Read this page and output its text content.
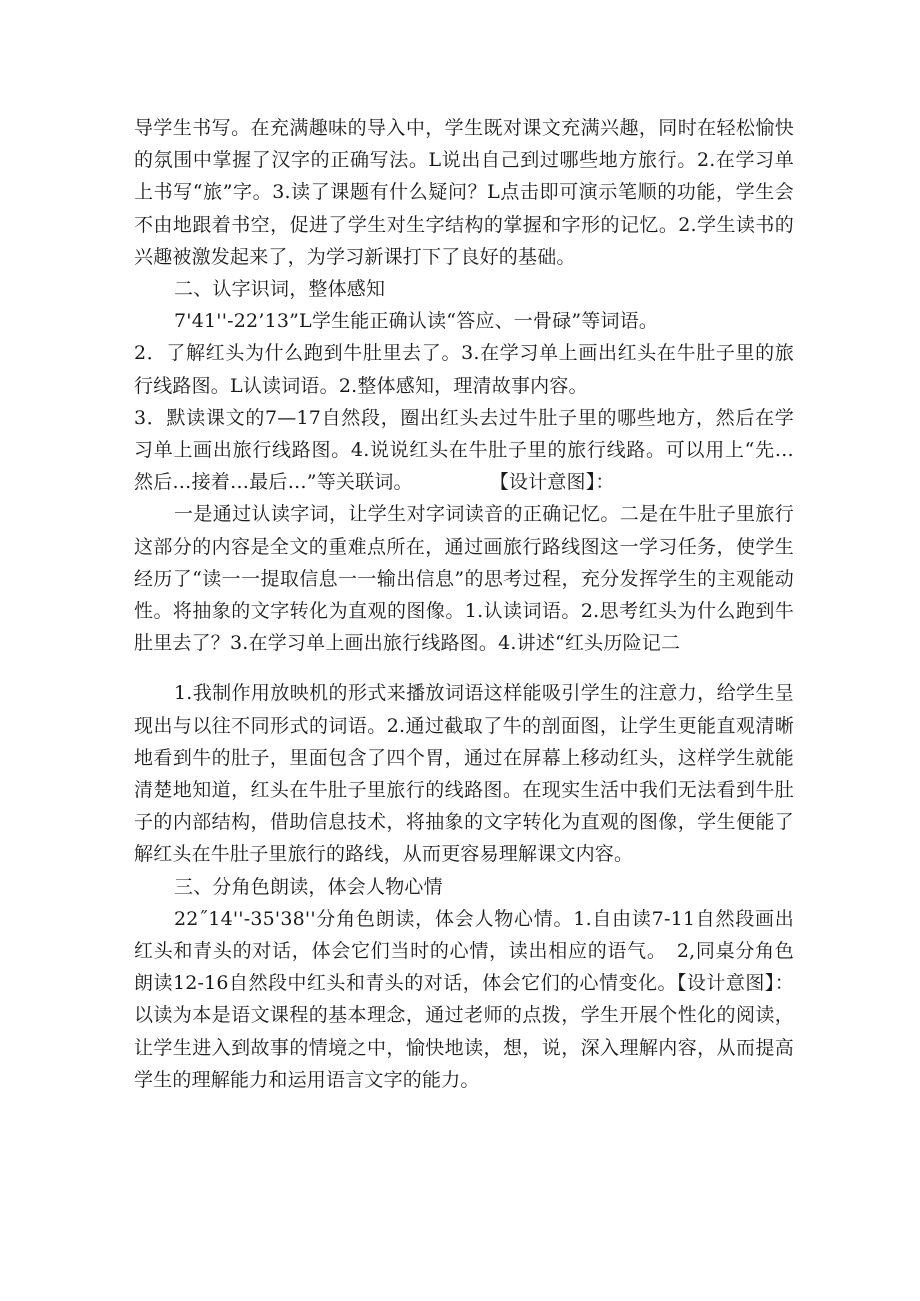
导学生书写。在充满趣味的导入中，学生既对课文充满兴趣，同时在轻松愉快的氛围中掌握了汉字的正确写法。L说出自己到过哪些地方旅行。2.在学习单上书写“旅”字。3.读了课题有什么疑问？L点击即可演示笔顺的功能，学生会不由地跟着书空，促进了学生对生字结构的掌握和字形的记忆。2.学生读书的兴趣被激发起来了，为学习新课打下了良好的基础。

二、认字识词，整体感知

7'41''-22’13”L学生能正确认读“答应、一骨碌”等词语。

2．了解红头为什么跑到牛肚里去了。3.在学习单上画出红头在牛肚子里的旅行线路图。L认读词语。2.整体感知，理清故事内容。

3．默读课文的7—17自然段，圈出红头去过牛肚子里的哪些地方，然后在学习单上画出旅行线路图。4.说说红头在牛肚子里的旅行线路。可以用上“先…然后…接着…最后…”等关联词。　　　　　【设计意图】：

一是通过认读字词，让学生对字词读音的正确记忆。二是在牛肚子里旅行这部分的内容是全文的重难点所在，通过画旅行路线图这一学习任务，使学生经历了“读一一提取信息一一输出信息”的思考过程，充分发挥学生的主观能动性。将抽象的文字转化为直观的图像。1.认读词语。2.思考红头为什么跑到牛肚里去了？3.在学习单上画出旅行线路图。4.讲述“红头历险记二

1.我制作用放映机的形式来播放词语这样能吸引学生的注意力，给学生呈现出与以往不同形式的词语。2.通过截取了牛的剖面图，让学生更能直观清晰地看到牛的肚子，里面包含了四个胃，通过在屏幕上移动红头，这样学生就能清楚地知道，红头在牛肚子里旅行的线路图。在现实生活中我们无法看到牛肚子的内部结构，借助信息技术，将抽象的文字转化为直观的图像，学生便能了解红头在牛肚子里旅行的路线，从而更容易理解课文内容。

三、分角色朗读，体会人物心情

22˝14''-35'38''分角色朗读，体会人物心情。1.自由读7-11自然段画出红头和青头的对话，体会它们当时的心情，读出相应的语气。　2,同桌分角色朗读12-16自然段中红头和青头的对话，体会它们的心情变化。【设计意图】：以读为本是语文课程的基本理念，通过老师的点拨，学生开展个性化的阅读，让学生进入到故事的情境之中，愉快地读，想，说，深入理解内容，从而提高学生的理解能力和运用语言文字的能力。
